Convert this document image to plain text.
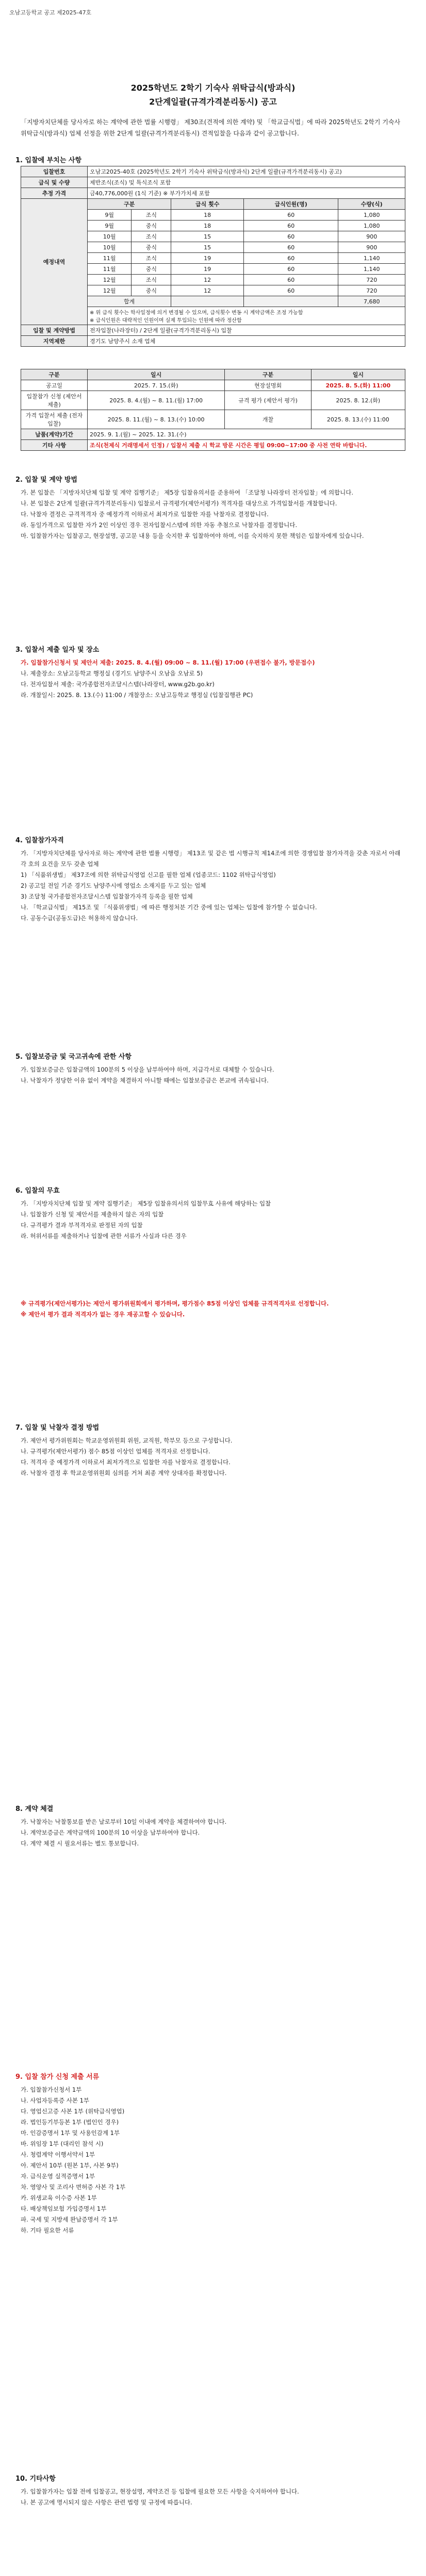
오남고등학교 공고 제2025-47호
2025학년도 2학기 기숙사 위탁급식(방과식)
2단계일괄(규격가격분리동시) 공고
「지방자치단체를 당사자로 하는 계약에 관한 법률 시행령」 제30조(견적에 의한 계약) 및 「학교급식법」에 따라 2025학년도 2학기 기숙사 위탁급식(방과식) 업체 선정을 위한 2단계 일괄(규격가격분리동시) 견적입찰을 다음과 같이 공고합니다.
1. 입찰에 부치는 사항
입찰번호	오남고2025-40호 (2025학년도 2학기 기숙사 위탁급식(방과식) 2단계 일괄(규격가격분리동시) 공고)				
급식 및 수량	제반조식(조식) 및 특식조식 포함				
추정 가격	금40,776,000원 (1식 기준) ※ 부가가치세 포함				
예정내역	구분		급식 횟수	급식인원(명)	수량(식)
	9월	조식	18	60	1,080
	9월	중식	18	60	1,080
	10월	조식	15	60	900
	10월	중식	15	60	900
	11월	조식	19	60	1,140
	11월	중식	19	60	1,140
	12월	조식	12	60	720
	12월	중식	12	60	720
	합계				7,680
	※ 위 급식 횟수는 학사일정에 의거 변경될 수 있으며, 급식횟수 변동 시 계약금액은 조정 가능함
※ 급식인원은 대략적인 인원이며 실제 투입되는 인원에 따라 정산함				
입찰 및 계약방법	전자입찰(나라장터) / 2단계 일괄(규격가격분리동시) 입찰				
지역제한	경기도 남양주시 소재 업체				
구분	일시	구분	일시
공고일	2025. 7. 15.(화)	현장설명회	2025. 8. 5.(화) 11:00
입찰참가 신청 (제안서 제출)	2025. 8. 4.(월) ~ 8. 11.(월) 17:00	규격 평가 (제안서 평가)	2025. 8. 12.(화)
가격 입찰서 제출 (전자입찰)	2025. 8. 11.(월) ~ 8. 13.(수) 10:00	개찰	2025. 8. 13.(수) 11:00
납품(계약)기간	2025. 9. 1.(월) ~ 2025. 12. 31.(수)		
기타 사항	조식(천제식 거래명세서 인정) / 입찰서 제출 시 학교 방문 시간은 평일 09:00~17:00 중 사전 연락 바랍니다.		
2. 입찰 및 계약 방법
가. 본 입찰은 「지방자치단체 입찰 및 계약 집행기준」 제5장 입찰유의서를 준용하여 「조달청 나라장터 전자입찰」에 의합니다.
나. 본 입찰은 2단계 일괄(규격가격분리동시) 입찰로서 규격평가(제안서평가) 적격자를 대상으로 가격입찰서를 개찰합니다.
다. 낙찰자 결정은 규격적격자 중 예정가격 이하로서 최저가로 입찰한 자를 낙찰자로 결정합니다.
라. 동일가격으로 입찰한 자가 2인 이상인 경우 전자입찰시스템에 의한 자동 추첨으로 낙찰자를 결정합니다.
마. 입찰참가자는 입찰공고, 현장설명, 공고문 내용 등을 숙지한 후 입찰하여야 하며, 이를 숙지하지 못한 책임은 입찰자에게 있습니다.
3. 입찰서 제출 일자 및 장소
가. 입찰참가신청서 및 제안서 제출: 2025. 8. 4.(월) 09:00 ~ 8. 11.(월) 17:00 (우편접수 불가, 방문접수)
나. 제출장소: 오남고등학교 행정실 (경기도 남양주시 오남읍 오남로 5)
다. 전자입찰서 제출: 국가종합전자조달시스템(나라장터, www.g2b.go.kr)
라. 개찰일시: 2025. 8. 13.(수) 11:00 / 개찰장소: 오남고등학교 행정실 (입찰집행관 PC)
4. 입찰참가자격
가. 「지방자치단체를 당사자로 하는 계약에 관한 법률 시행령」 제13조 및 같은 법 시행규칙 제14조에 의한 경쟁입찰 참가자격을 갖춘 자로서 아래 각 호의 요건을 모두 갖춘 업체
1) 「식품위생법」 제37조에 의한 위탁급식영업 신고를 필한 업체 (업종코드: 1102 위탁급식영업)
2) 공고일 전일 기준 경기도 남양주시에 영업소 소재지를 두고 있는 업체
3) 조달청 국가종합전자조달시스템 입찰참가자격 등록을 필한 업체
나. 「학교급식법」 제15조 및 「식품위생법」에 따른 행정처분 기간 중에 있는 업체는 입찰에 참가할 수 없습니다.
다. 공동수급(공동도급)은 허용하지 않습니다.
5. 입찰보증금 및 국고귀속에 관한 사항
가. 입찰보증금은 입찰금액의 100분의 5 이상을 납부하여야 하며, 지급각서로 대체할 수 있습니다.
나. 낙찰자가 정당한 이유 없이 계약을 체결하지 아니할 때에는 입찰보증금은 본교에 귀속됩니다.
6. 입찰의 무효
가. 「지방자치단체 입찰 및 계약 집행기준」 제5장 입찰유의서의 입찰무효 사유에 해당하는 입찰
나. 입찰참가 신청 및 제안서를 제출하지 않은 자의 입찰
다. 규격평가 결과 부적격자로 판정된 자의 입찰
라. 허위서류를 제출하거나 입찰에 관한 서류가 사실과 다른 경우
※ 규격평가(제안서평가)는 제안서 평가위원회에서 평가하며, 평가점수 85점 이상인 업체를 규격적격자로 선정합니다.
※ 제안서 평가 결과 적격자가 없는 경우 재공고할 수 있습니다.
7. 입찰 및 낙찰자 결정 방법
가. 제안서 평가위원회는 학교운영위원회 위원, 교직원, 학부모 등으로 구성합니다.
나. 규격평가(제안서평가) 점수 85점 이상인 업체를 적격자로 선정합니다.
다. 적격자 중 예정가격 이하로서 최저가격으로 입찰한 자를 낙찰자로 결정합니다.
라. 낙찰자 결정 후 학교운영위원회 심의를 거쳐 최종 계약 상대자를 확정합니다.
8. 계약 체결
가. 낙찰자는 낙찰통보를 받은 날로부터 10일 이내에 계약을 체결하여야 합니다.
나. 계약보증금은 계약금액의 100분의 10 이상을 납부하여야 합니다.
다. 계약 체결 시 필요서류는 별도 통보합니다.
9. 입찰 참가 신청 제출 서류
가. 입찰참가신청서 1부
나. 사업자등록증 사본 1부
다. 영업신고증 사본 1부 (위탁급식영업)
라. 법인등기부등본 1부 (법인인 경우)
마. 인감증명서 1부 및 사용인감계 1부
바. 위임장 1부 (대리인 참석 시)
사. 청렴계약 이행서약서 1부
아. 제안서 10부 (원본 1부, 사본 9부)
자. 급식운영 실적증명서 1부
차. 영양사 및 조리사 면허증 사본 각 1부
카. 위생교육 이수증 사본 1부
타. 배상책임보험 가입증명서 1부
파. 국세 및 지방세 완납증명서 각 1부
하. 기타 필요한 서류
10. 기타사항
가. 입찰참가자는 입찰 전에 입찰공고, 현장설명, 계약조건 등 입찰에 필요한 모든 사항을 숙지하여야 합니다.
나. 본 공고에 명시되지 않은 사항은 관련 법령 및 규정에 따릅니다.
